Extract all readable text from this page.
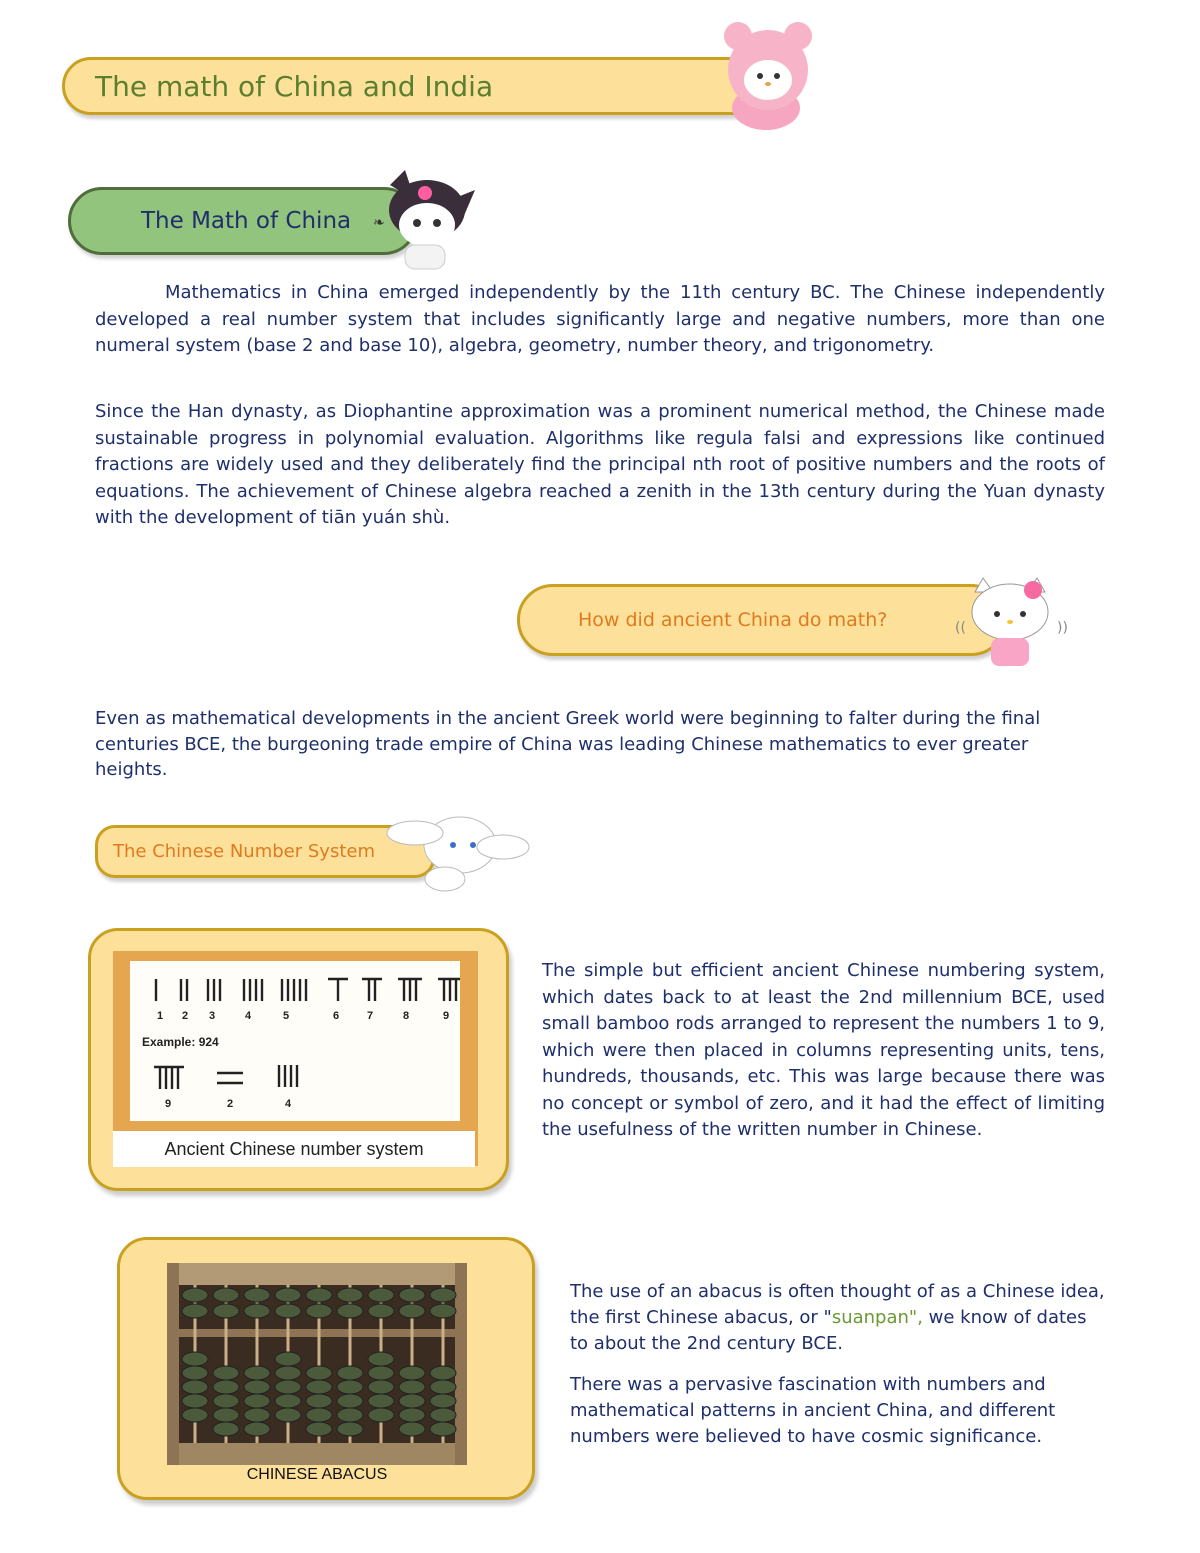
The math of China and India
The Math of China ❧

Mathematics in China emerged independently by the 11th century BC. The Chinese independently developed a real number system that includes significantly large and negative numbers, more than one numeral system (base 2 and base 10), algebra, geometry, number theory, and trigonometry.

Since the Han dynasty, as Diophantine approximation was a prominent numerical method, the Chinese made sustainable progress in polynomial evaluation. Algorithms like regula falsi and expressions like continued fractions are widely used and they deliberately find the principal nth root of positive numbers and the roots of equations. The achievement of Chinese algebra reached a zenith in the 13th century during the Yuan dynasty with the development of tiān yuán shù.

How did ancient China do math?	((	))

Even as mathematical developments in the ancient Greek world were beginning to falter during the final centuries BCE, the burgeoning trade empire of China was leading Chinese mathematics to ever greater heights.

The Chinese Number System
1 2 3	4	5	6	7	8	9
9	2	4
Example: 924
Ancient Chinese number system

The simple but efficient ancient Chinese numbering system, which dates back to at least the 2nd millennium BCE, used small bamboo rods arranged to represent the numbers 1 to 9, which were then placed in columns representing units, tens, hundreds, thousands, etc. This was large because there was no concept or symbol of zero, and it had the effect of limiting the usefulness of the written number in Chinese.

CHINESE ABACUS

The use of an abacus is often thought of as a Chinese idea, the first Chinese abacus, or "suanpan", we know of dates to about the 2nd century BCE.

There was a pervasive fascination with numbers and mathematical patterns in ancient China, and different numbers were believed to have cosmic significance.
